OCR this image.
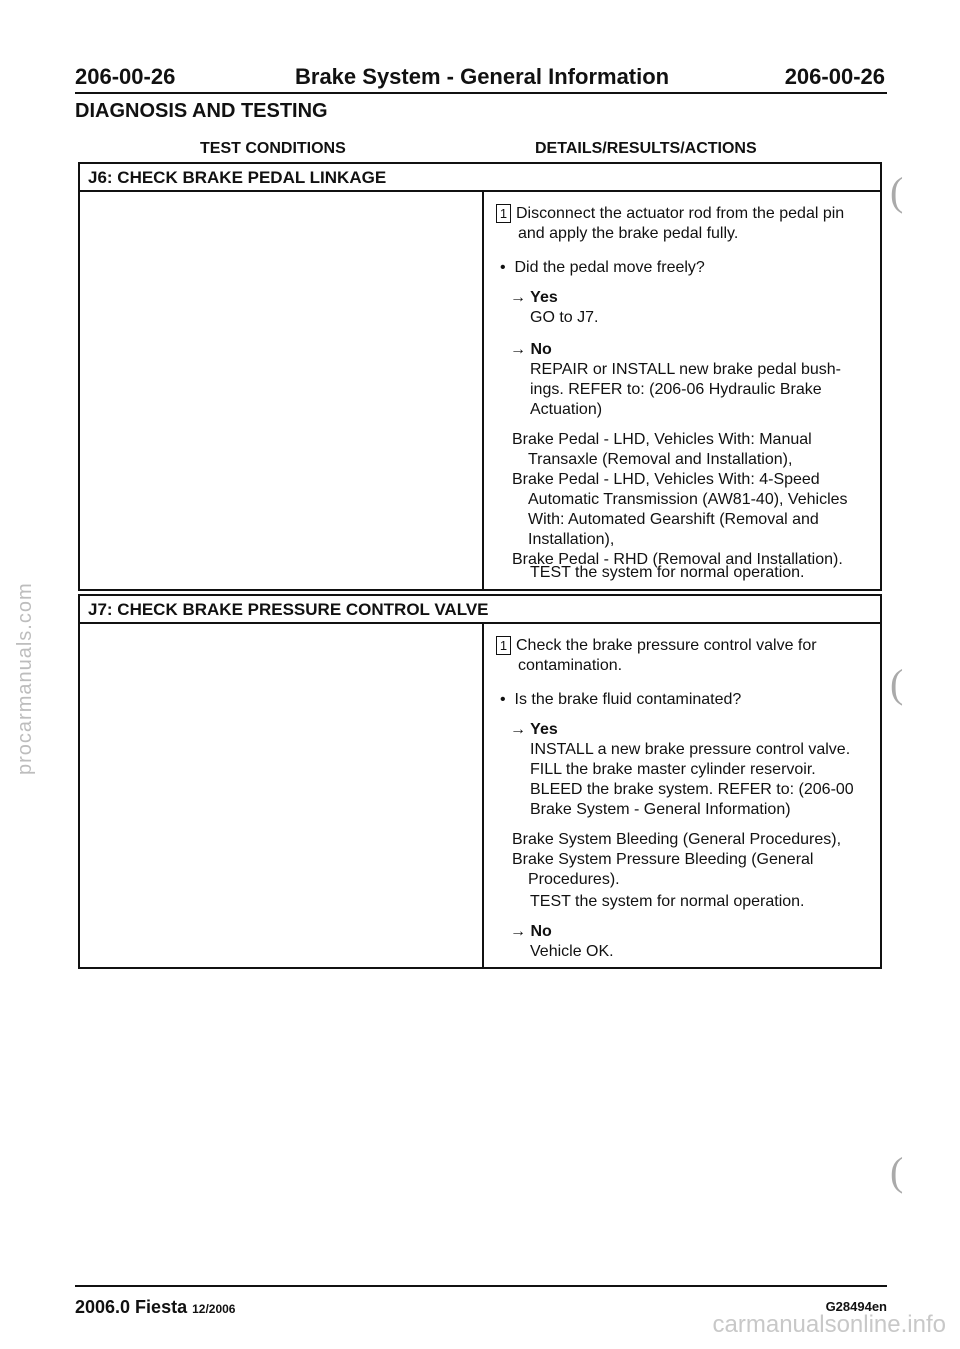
206-00-26	Brake System - General Information	206-00-26
DIAGNOSIS AND TESTING
TEST CONDITIONS	DETAILS/RESULTS/ACTIONS
J6: CHECK BRAKE PEDAL LINKAGE
1 Disconnect the actuator rod from the pedal pin
and apply the brake pedal fully.
•  Did the pedal move freely?
→ Yes
GO to J7.
→ No
REPAIR or INSTALL new brake pedal bush-ings. REFER to: (206-06 Hydraulic Brake Actuation)
Brake Pedal - LHD, Vehicles With: Manual Transaxle (Removal and Installation),
Brake Pedal - LHD, Vehicles With: 4-Speed Automatic Transmission (AW81-40), Vehicles With: Automated Gearshift (Removal and Installation),
Brake Pedal - RHD (Removal and Installation).
TEST the system for normal operation.
J7: CHECK BRAKE PRESSURE CONTROL VALVE
1 Check the brake pressure control valve for
contamination.
•  Is the brake fluid contaminated?
→ Yes
INSTALL a new brake pressure control valve. FILL the brake master cylinder reservoir. BLEED the brake system. REFER to: (206-00 Brake System - General Information)
Brake System Bleeding (General Procedures),
Brake System Pressure Bleeding (General Procedures).
TEST the system for normal operation.
→ No
Vehicle OK.
(
(
(
2006.0 Fiesta 12/2006	G28494en
procarmanuals.com
carmanualsonline.info
